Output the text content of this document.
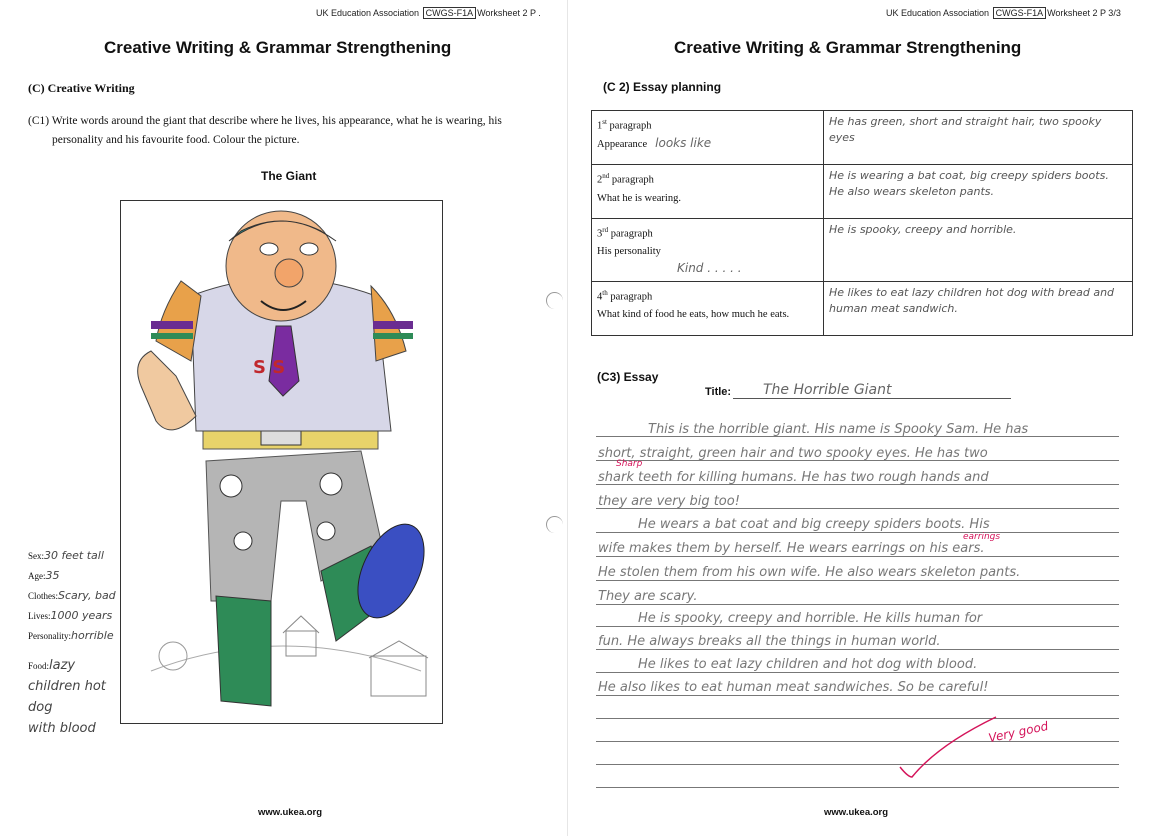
UK Education Association CWGS-F1A Worksheet 2 P .
Creative Writing & Grammar Strengthening
(C) Creative Writing
(C1) Write words around the giant that describe where he lives, his appearance, what he is wearing, his
personality and his favourite food. Colour the picture.
The Giant
S S
Sex:30 feet tall
Age:35
Clothes:Scary, bad
Lives:1000 years
Personality:horrible
Food:lazy
children hot dog
with blood
www.ukea.org
UK Education Association CWGS-F1A Worksheet 2 P 3/3
Creative Writing & Grammar Strengthening
(C 2) Essay planning
1st paragraph
Appearance looks like	He has green, short and straight hair, two spooky eyes
2nd paragraph
What he is wearing.	He is wearing a bat coat, big creepy spiders boots. He also wears skeleton pants.
3rd paragraph
His personality
Kind . . . . .	He is spooky, creepy and horrible.
4th paragraph
What kind of food he eats, how much he eats.	He likes to eat lazy children hot dog with bread and human meat sandwich.
(C3) Essay
Title:	The Horrible Giant
This is the horrible giant. His name is Spooky Sam. He has
short, straight, green hair and two spooky eyes. He has two
shark teeth for killing humans. He has two rough hands and
they are very big too!
He wears a bat coat and big creepy spiders boots. His
wife makes them by herself. He wears earrings on his ears.
He stolen them from his own wife. He also wears skeleton pants.
They are scary.
He is spooky, creepy and horrible. He kills human for
fun. He always breaks all the things in human world.
He likes to eat lazy children and hot dog with blood.
He also likes to eat human meat sandwiches. So be careful!
Sharp
earrings
Very good
www.ukea.org
